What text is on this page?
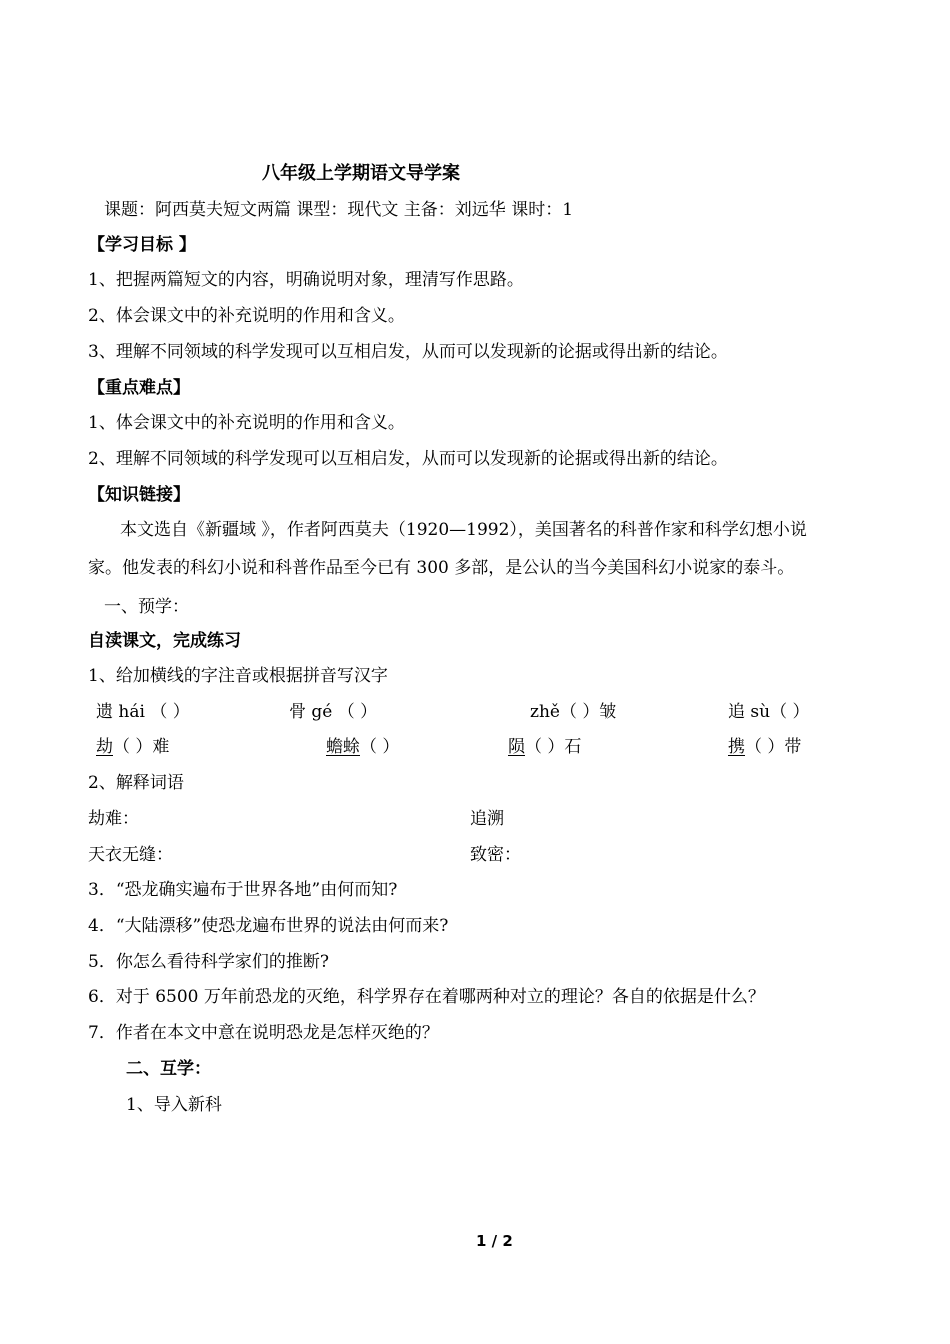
八年级上学期语文导学案
课题：阿西莫夫短文两篇 课型：现代文 主备：刘远华 课时：1
【学习目标 】
1、把握两篇短文的内容，明确说明对象，理清写作思路。
2、体会课文中的补充说明的作用和含义。
3、理解不同领域的科学发现可以互相启发，从而可以发现新的论据或得出新的结论。
【重点难点】
1、体会课文中的补充说明的作用和含义。
2、理解不同领域的科学发现可以互相启发，从而可以发现新的论据或得出新的结论。
【知识链接】
本文选自《新疆域 》，作者阿西莫夫（1920—1992），美国著名的科普作家和科学幻想小说
家。他发表的科幻小说和科普作品至今已有 300 多部，是公认的当今美国科幻小说家的泰斗。
一、预学：
自渎课文，完成练习
1、给加横线的字注音或根据拼音写汉字
遗 hái （ ）	骨 gé （ ）	zhě（ ）皱	追 sù（ ）
劫（ ）难	蟾蜍（ ）	陨（ ）石	携（ ）带
2、解释词语
劫难：	追溯
天衣无缝：	致密：
3．“恐龙确实遍布于世界各地”由何而知?
4．“大陆漂移”使恐龙遍布世界的说法由何而来?
5．你怎么看待科学家们的推断?
6．对于 6500 万年前恐龙的灭绝，科学界存在着哪两种对立的理论？各自的依据是什么？
7．作者在本文中意在说明恐龙是怎样灭绝的？
二、互学：
1、导入新科
1 / 2
